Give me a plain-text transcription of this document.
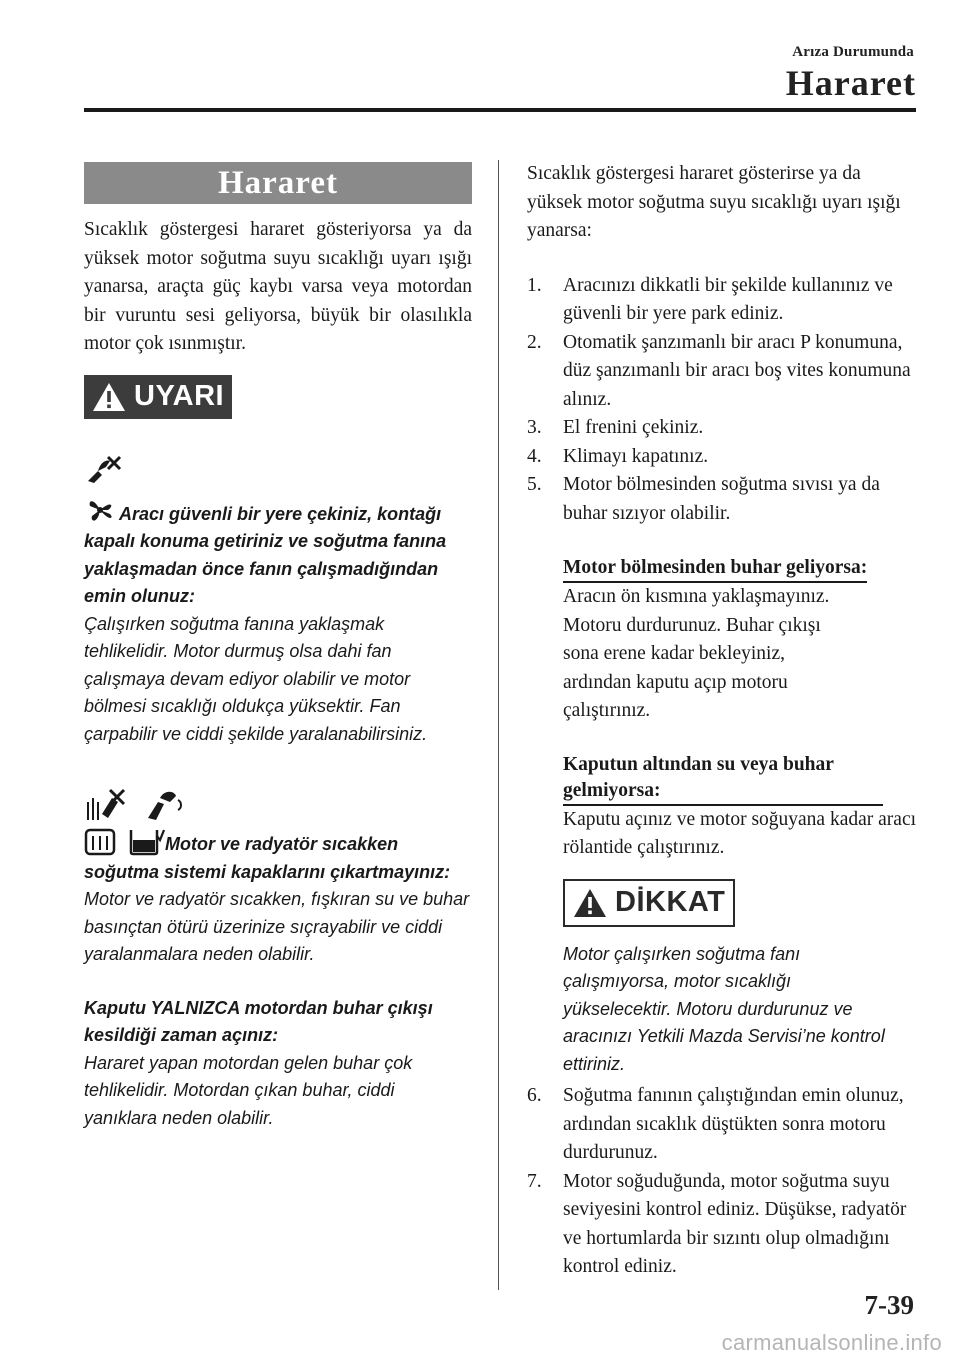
Arıza Durumunda
Hararet
Hararet
Sıcaklık göstergesi hararet gösteriyorsa ya da yüksek motor soğutma suyu sıcaklığı uyarı ışığı yanarsa, araçta güç kaybı varsa veya motordan bir vuruntu sesi geliyorsa, büyük bir olasılıkla motor çok ısınmıştır.
UYARI
Aracı güvenli bir yere çekiniz, kontağı kapalı konuma getiriniz ve soğutma fanına yaklaşmadan önce fanın çalışmadığından emin olunuz:
Çalışırken soğutma fanına yaklaşmak tehlikelidir. Motor durmuş olsa dahi fan çalışmaya devam ediyor olabilir ve motor bölmesi sıcaklığı oldukça yüksektir. Fan çarpabilir ve ciddi şekilde yaralanabilirsiniz.
Motor ve radyatör sıcakken soğutma sistemi kapaklarını çıkartmayınız:
Motor ve radyatör sıcakken, fışkıran su ve buhar basınçtan ötürü üzerinize sıçrayabilir ve ciddi yaralanmalara neden olabilir.
Kaputu YALNIZCA motordan buhar çıkışı kesildiği zaman açınız:
Hararet yapan motordan gelen buhar çok tehlikelidir. Motordan çıkan buhar, ciddi yanıklara neden olabilir.
Sıcaklık göstergesi hararet gösterirse ya da yüksek motor soğutma suyu sıcaklığı uyarı ışığı yanarsa:
1. Aracınızı dikkatli bir şekilde kullanınız ve güvenli bir yere park ediniz.
2. Otomatik şanzımanlı bir aracı P konumuna, düz şanzımanlı bir aracı boş vites konumuna alınız.
3. El frenini çekiniz.
4. Klimayı kapatınız.
5. Motor bölmesinden soğutma sıvısı ya da buhar sızıyor olabilir.
Motor bölmesinden buhar geliyorsa:
Aracın ön kısmına yaklaşmayınız. Motoru durdurunuz. Buhar çıkışı sona erene kadar bekleyiniz, ardından kaputu açıp motoru çalıştırınız.
Kaputun altından su veya buhar gelmiyorsa:
Kaputu açınız ve motor soğuyana kadar aracı rölantide çalıştırınız.
DİKKAT
Motor çalışırken soğutma fanı çalışmıyorsa, motor sıcaklığı yükselecektir. Motoru durdurunuz ve aracınızı Yetkili Mazda Servisi’ne kontrol ettiriniz.
6. Soğutma fanının çalıştığından emin olunuz, ardından sıcaklık düştükten sonra motoru durdurunuz.
7. Motor soğuduğunda, motor soğutma suyu seviyesini kontrol ediniz. Düşükse, radyatör ve hortumlarda bir sızıntı olup olmadığını kontrol ediniz.
7-39
carmanualsonline.info
